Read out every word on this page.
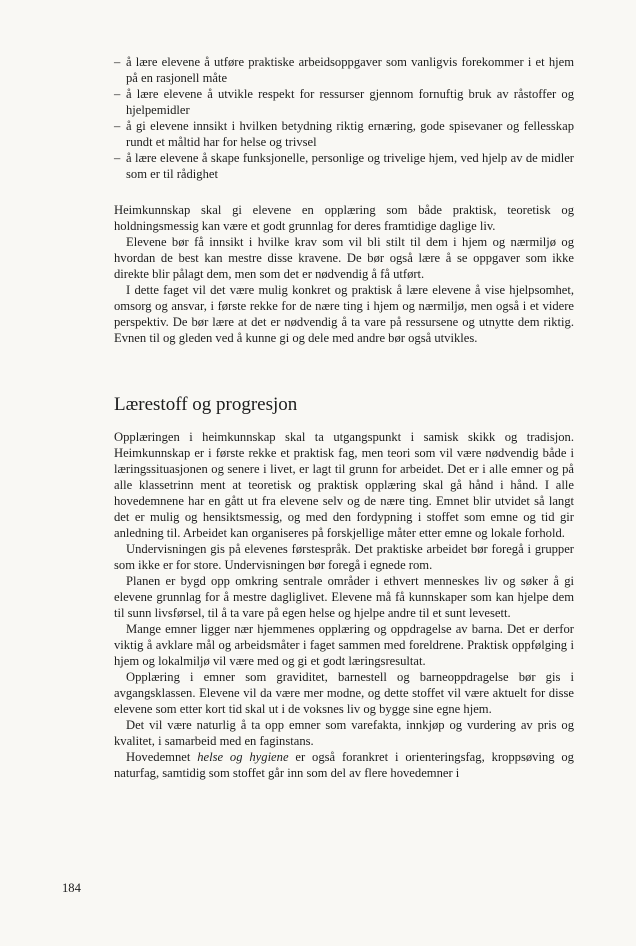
– å lære elevene å utføre praktiske arbeidsoppgaver som vanligvis forekommer i et hjem på en rasjonell måte
– å lære elevene å utvikle respekt for ressurser gjennom fornuftig bruk av råstoffer og hjelpemidler
– å gi elevene innsikt i hvilken betydning riktig ernæring, gode spisevaner og fellesskap rundt et måltid har for helse og trivsel
– å lære elevene å skape funksjonelle, personlige og trivelige hjem, ved hjelp av de midler som er til rådighet

Heimkunnskap skal gi elevene en opplæring som både praktisk, teoretisk og holdningsmessig kan være et godt grunnlag for deres framtidige daglige liv.

Elevene bør få innsikt i hvilke krav som vil bli stilt til dem i hjem og nærmiljø og hvordan de best kan mestre disse kravene. De bør også lære å se oppgaver som ikke direkte blir pålagt dem, men som det er nødvendig å få utført.

I dette faget vil det være mulig konkret og praktisk å lære elevene å vise hjelpsomhet, omsorg og ansvar, i første rekke for de nære ting i hjem og nærmiljø, men også i et videre perspektiv. De bør lære at det er nødvendig å ta vare på ressursene og utnytte dem riktig. Evnen til og gleden ved å kunne gi og dele med andre bør også utvikles.

Lærestoff og progresjon

Opplæringen i heimkunnskap skal ta utgangspunkt i samisk skikk og tradisjon. Heimkunnskap er i første rekke et praktisk fag, men teori som vil være nødvendig både i læringssituasjonen og senere i livet, er lagt til grunn for arbeidet. Det er i alle emner og på alle klassetrinn ment at teoretisk og praktisk opplæring skal gå hånd i hånd. I alle hovedemnene har en gått ut fra elevene selv og de nære ting. Emnet blir utvidet så langt det er mulig og hensiktsmessig, og med den fordypning i stoffet som emne og tid gir anledning til. Arbeidet kan organiseres på forskjellige måter etter emne og lokale forhold.

Undervisningen gis på elevenes førstespråk. Det praktiske arbeidet bør foregå i grupper som ikke er for store. Undervisningen bør foregå i egnede rom.

Planen er bygd opp omkring sentrale områder i ethvert menneskes liv og søker å gi elevene grunnlag for å mestre dagliglivet. Elevene må få kunnskaper som kan hjelpe dem til sunn livsførsel, til å ta vare på egen helse og hjelpe andre til et sunt levesett.

Mange emner ligger nær hjemmenes opplæring og oppdragelse av barna. Det er derfor viktig å avklare mål og arbeidsmåter i faget sammen med foreldrene. Praktisk oppfølging i hjem og lokalmiljø vil være med og gi et godt læringsresultat.

Opplæring i emner som graviditet, barnestell og barneoppdragelse bør gis i avgangsklassen. Elevene vil da være mer modne, og dette stoffet vil være aktuelt for disse elevene som etter kort tid skal ut i de voksnes liv og bygge sine egne hjem.

Det vil være naturlig å ta opp emner som varefakta, innkjøp og vurdering av pris og kvalitet, i samarbeid med en faginstans.

Hovedemnet helse og hygiene er også forankret i orienteringsfag, kroppsøving og naturfag, samtidig som stoffet går inn som del av flere hovedemner i

184
